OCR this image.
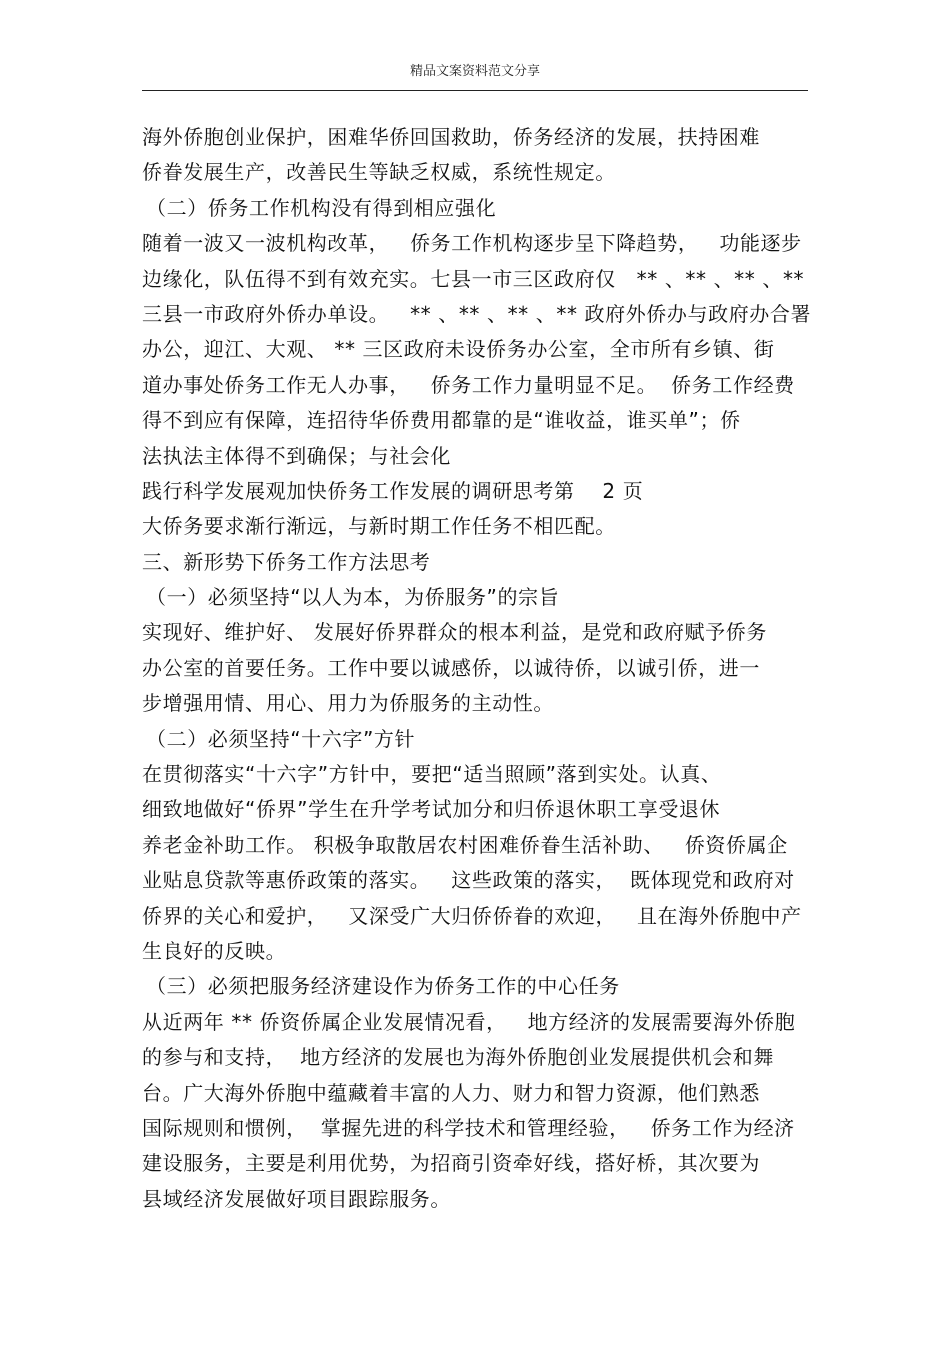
精品文案资料范文分享
海外侨胞创业保护，困难华侨回国救助，侨务经济的发展，扶持困难
侨眷发展生产，改善民生等缺乏权威，系统性规定。
（二）侨务工作机构没有得到相应强化
随着一波又一波机构改革，   侨务工作机构逐步呈下降趋势，   功能逐步
边缘化，队伍得不到有效充实。七县一市三区政府仅   ** 、** 、** 、**
三县一市政府外侨办单设。   ** 、** 、** 、** 政府外侨办与政府办合署
办公，迎江、大观、 ** 三区政府未设侨务办公室，全市所有乡镇、街
道办事处侨务工作无人办事，   侨务工作力量明显不足。  侨务工作经费
得不到应有保障，连招待华侨费用都靠的是“谁收益，谁买单”；侨
法执法主体得不到确保；与社会化
践行科学发展观加快侨务工作发展的调研思考第    2 页
大侨务要求渐行渐远，与新时期工作任务不相匹配。
三、新形势下侨务工作方法思考
（一）必须坚持“以人为本，为侨服务”的宗旨
实现好、维护好、 发展好侨界群众的根本利益，是党和政府赋予侨务
办公室的首要任务。工作中要以诚感侨，以诚待侨，以诚引侨，进一
步增强用情、用心、用力为侨服务的主动性。
（二）必须坚持“十六字”方针
在贯彻落实“十六字”方针中，要把“适当照顾”落到实处。认真、
细致地做好“侨界”学生在升学考试加分和归侨退休职工享受退休
养老金补助工作。 积极争取散居农村困难侨眷生活补助、   侨资侨属企
业贴息贷款等惠侨政策的落实。   这些政策的落实，  既体现党和政府对
侨界的关心和爱护，   又深受广大归侨侨眷的欢迎，   且在海外侨胞中产
生良好的反映。
（三）必须把服务经济建设作为侨务工作的中心任务
从近两年 ** 侨资侨属企业发展情况看，   地方经济的发展需要海外侨胞
的参与和支持，  地方经济的发展也为海外侨胞创业发展提供机会和舞
台。广大海外侨胞中蕴藏着丰富的人力、财力和智力资源，他们熟悉
国际规则和惯例，  掌握先进的科学技术和管理经验，   侨务工作为经济
建设服务，主要是利用优势，为招商引资牵好线，搭好桥，其次要为
县域经济发展做好项目跟踪服务。
